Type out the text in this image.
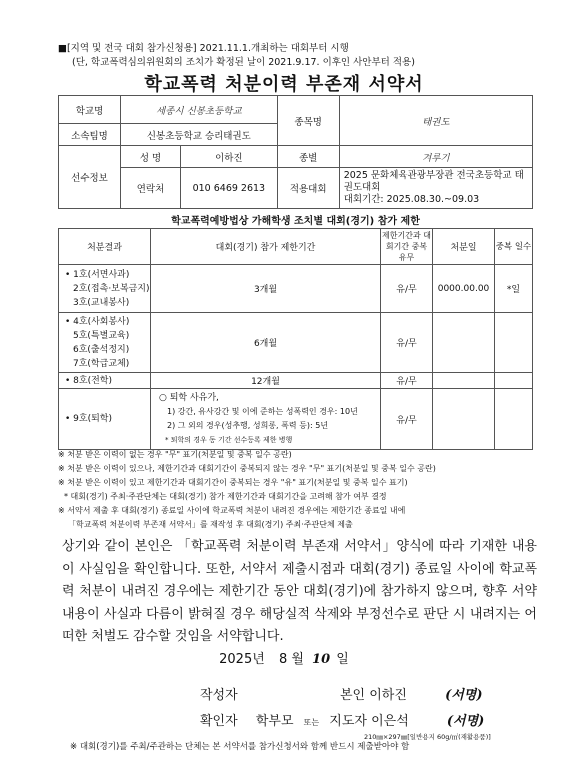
■[지역 및 전국 대회 참가신청용] 2021.11.1.개최하는 대회부터 시행
(단, 학교폭력심의위원회의 조치가 확정된 날이 2021.9.17. 이후인 사안부터 적용)
학교폭력 처분이력 부존재 서약서
학교명	세종시 신봉초등학교		종목명	태권도
소속팀명	신봉초등학교 승리태권도			
선수정보	성 명	이하진	종별	겨루기
	연락처	010 6469 2613	적용대회	2025 문화체육관광부장관 전국초등학교 태권도대회
대회기간: 2025.08.30.~09.03
학교폭력예방법상 가해학생 조치별 대회(경기) 참가 제한
처분결과	대회(경기) 참가 제한기간	제한기간과 대회기간 중복 유무	처분일	중복 일수

• 1호(서면사과)
2호(접촉·보복금지)
3호(교내봉사)	3개월	유/무	0000.00.00	*일

• 4호(사회봉사)
5호(특별교육)
6호(출석정지)
7호(학급교체)	6개월	유/무		

• 8호(전학)	12개월	유/무		

• 9호(퇴학)	○ 퇴학 사유가,
1) 강간, 유사강간 및 이에 준하는 성폭력인 경우: 10년
2) 그 외의 경우(성추행, 성희롱, 폭력 등): 5년
* 퇴학의 경우 동 기간 선수등록 제한 병행	유/무		
※ 처분 받은 이력이 없는 경우 "무" 표기(처분일 및 중복 일수 공란)
※ 처분 받은 이력이 있으나, 제한기간과 대회기간이 중복되지 않는 경우 "무" 표기(처분일 및 중복 일수 공란)
※ 처분 받은 이력이 있고 제한기간과 대회기간이 중복되는 경우 "유" 표기(처분일 및 중복 일수 표기)
* 대회(경기) 주최·주관단체는 대회(경기) 참가 제한기간과 대회기간을 고려해 참가 여부 결정
※ 서약서 제출 후 대회(경기) 종료일 사이에 학교폭력 처분이 내려진 경우에는 제한기간 종료일 내에
「학교폭력 처분이력 부존재 서약서」를 재작성 후 대회(경기) 주최·주관단체 제출
상기와 같이 본인은 「학교폭력 처분이력 부존재 서약서」양식에 따라 기재한 내용이 사실임을 확인합니다. 또한, 서약서 제출시점과 대회(경기) 종료일 사이에 학교폭력 처분이 내려진 경우에는 제한기간 동안 대회(경기)에 참가하지 않으며, 향후 서약내용이 사실과 다름이 밝혀질 경우 해당실적 삭제와 부정선수로 판단 시 내려지는 어떠한 처벌도 감수할 것임을 서약합니다.
2025년 8 월 10 일
작성자	본인 이하진	(서명)
확인자 학부모 또는 지도자 이은석	(서명)
210㎜×297㎜[일반용지 60g/㎡(재활용품)]
※ 대회(경기)를 주최/주관하는 단체는 본 서약서를 참가신청서와 함께 반드시 제출받아야 함
